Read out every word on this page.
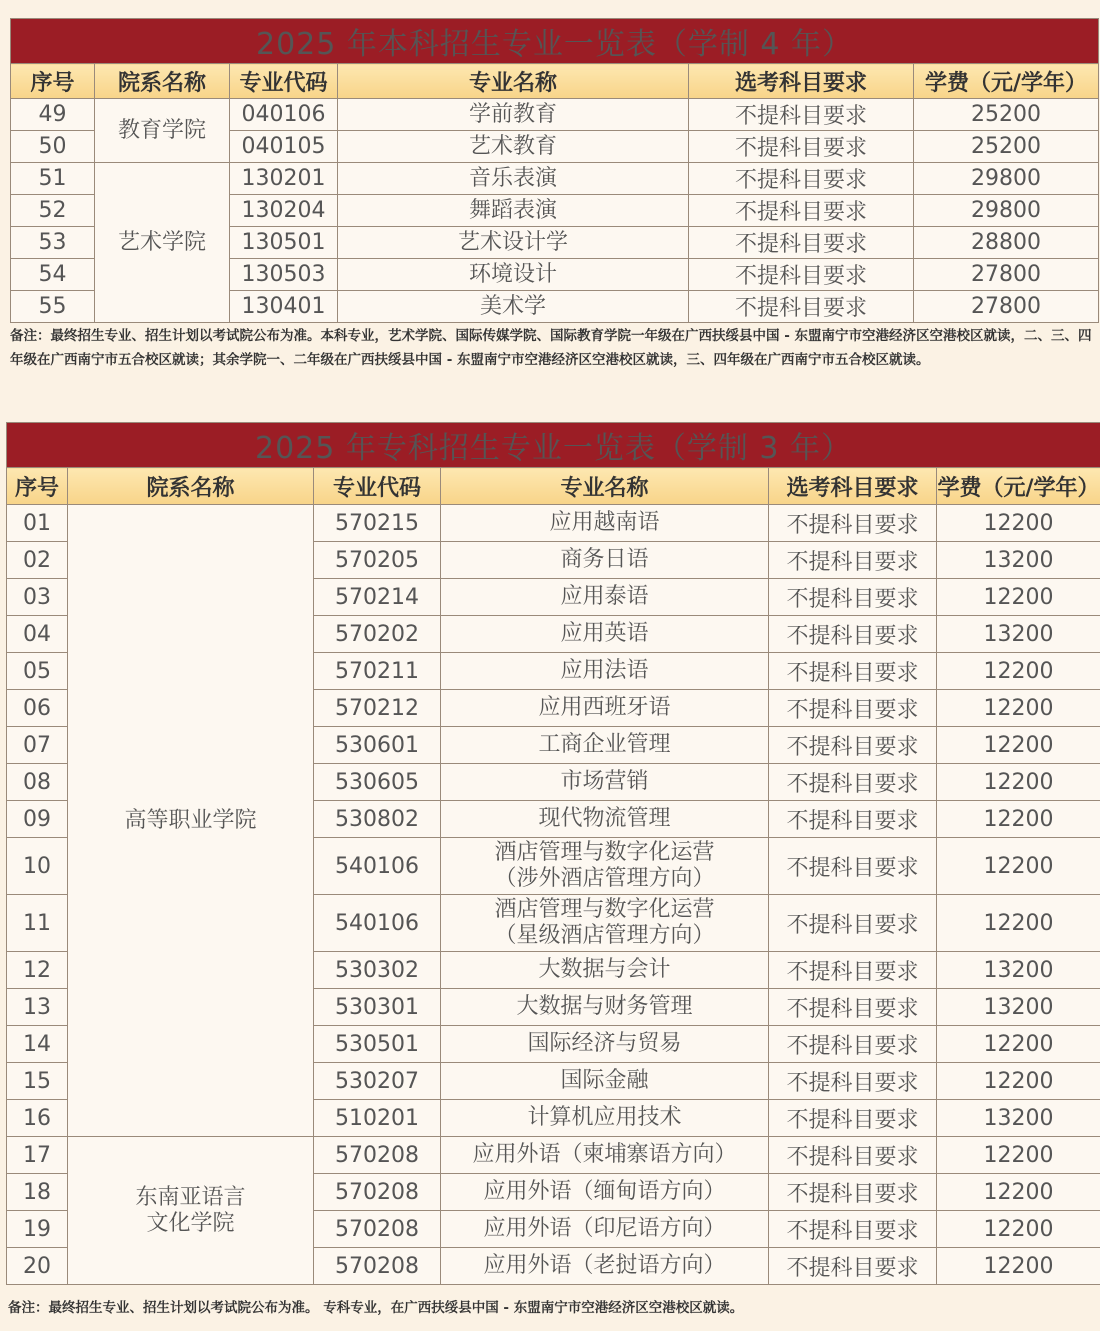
2025 年本科招生专业一览表（学制 4 年）					
序号	院系名称	专业代码	专业名称	选考科目要求	学费（元/学年）
49	教育学院	040106	学前教育	不提科目要求	25200
50		040105	艺术教育	不提科目要求	25200
51	艺术学院	130201	音乐表演	不提科目要求	29800
52		130204	舞蹈表演	不提科目要求	29800
53		130501	艺术设计学	不提科目要求	28800
54		130503	环境设计	不提科目要求	27800
55		130401	美术学	不提科目要求	27800
备注：最终招生专业、招生计划以考试院公布为准。本科专业，艺术学院、国际传媒学院、国际教育学院一年级在广西扶绥县中国 - 东盟南宁市空港经济区空港校区就读，二、三、四年级在广西南宁市五合校区就读；其余学院一、二年级在广西扶绥县中国 - 东盟南宁市空港经济区空港校区就读，三、四年级在广西南宁市五合校区就读。
2025 年专科招生专业一览表（学制 3 年）					
序号	院系名称	专业代码	专业名称	选考科目要求	学费（元/学年）
01	高等职业学院	570215	应用越南语	不提科目要求	12200
02		570205	商务日语	不提科目要求	13200
03		570214	应用泰语	不提科目要求	12200
04		570202	应用英语	不提科目要求	13200
05		570211	应用法语	不提科目要求	12200
06		570212	应用西班牙语	不提科目要求	12200
07		530601	工商企业管理	不提科目要求	12200
08		530605	市场营销	不提科目要求	12200
09		530802	现代物流管理	不提科目要求	12200
10		540106	酒店管理与数字化运营
（涉外酒店管理方向）	不提科目要求	12200
11		540106	酒店管理与数字化运营
（星级酒店管理方向）	不提科目要求	12200
12		530302	大数据与会计	不提科目要求	13200
13		530301	大数据与财务管理	不提科目要求	13200
14		530501	国际经济与贸易	不提科目要求	12200
15		530207	国际金融	不提科目要求	12200
16		510201	计算机应用技术	不提科目要求	13200
17	东南亚语言
文化学院	570208	应用外语（柬埔寨语方向）	不提科目要求	12200
18		570208	应用外语（缅甸语方向）	不提科目要求	12200
19		570208	应用外语（印尼语方向）	不提科目要求	12200
20		570208	应用外语（老挝语方向）	不提科目要求	12200
备注：最终招生专业、招生计划以考试院公布为准。 专科专业，在广西扶绥县中国 - 东盟南宁市空港经济区空港校区就读。
